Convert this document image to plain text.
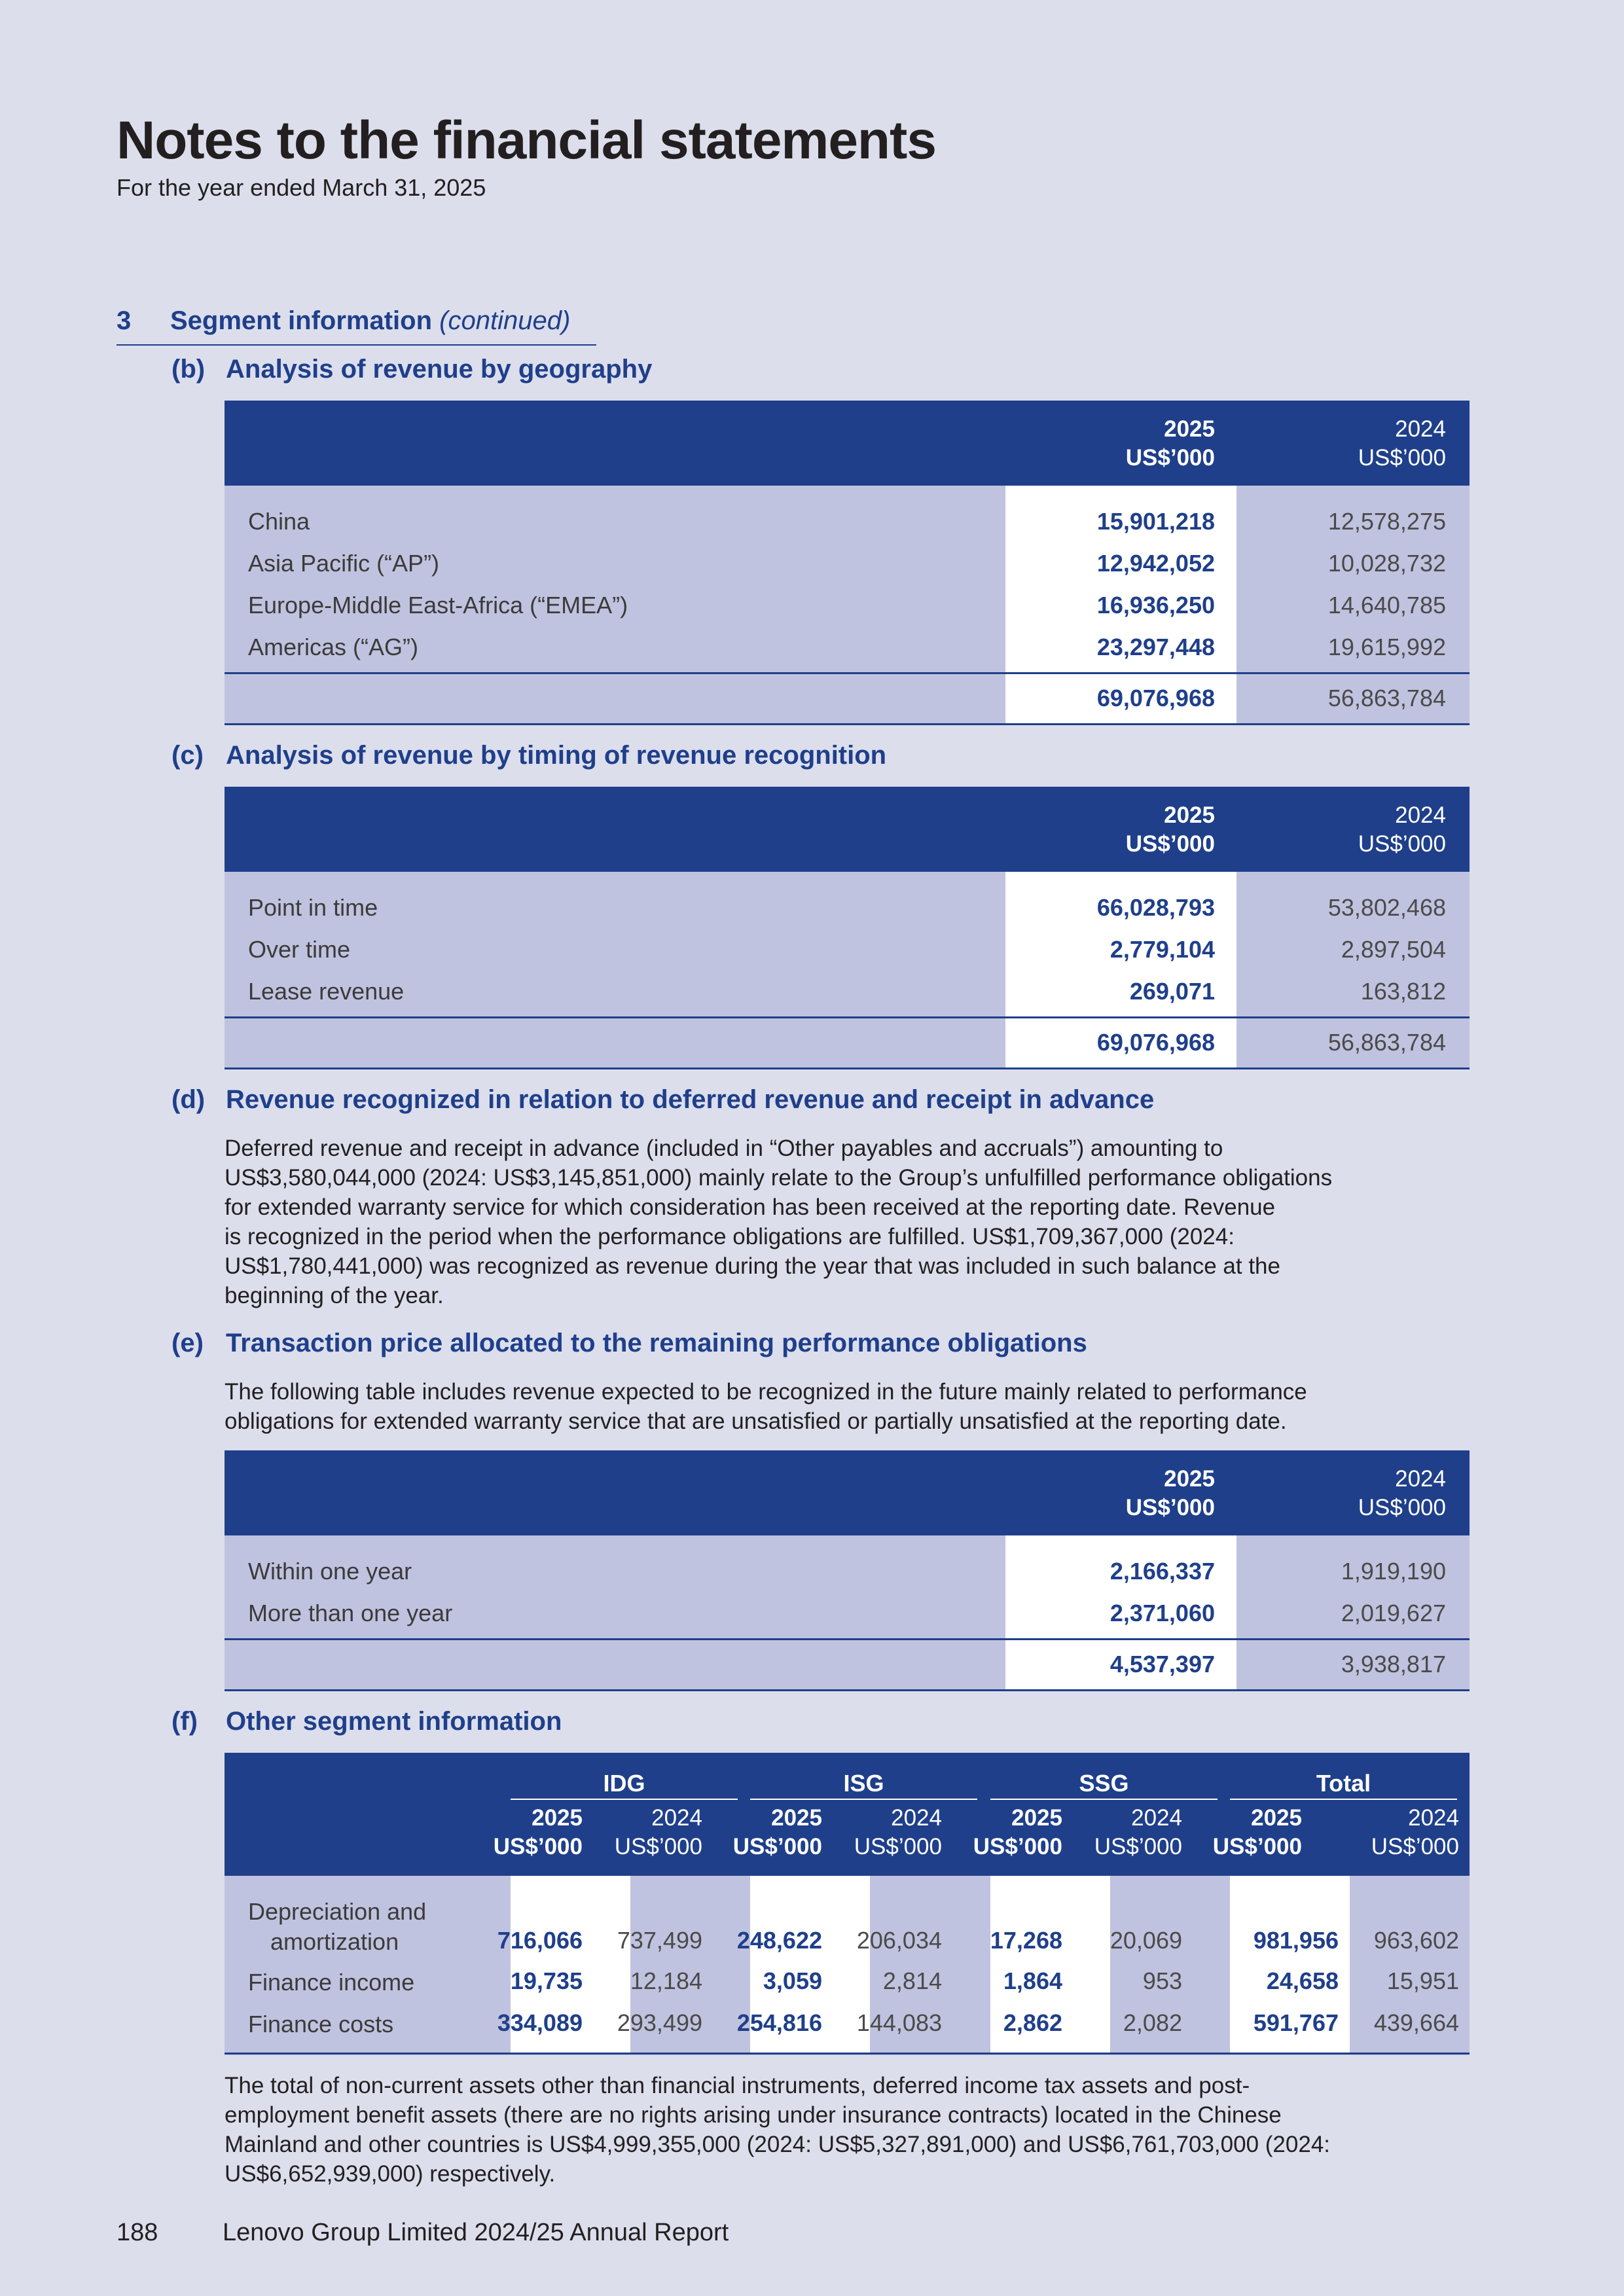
Notes to the financial statements
For the year ended March 31, 2025
3 Segment information (continued)
(b) Analysis of revenue by geography
2025
US$’000
2024
US$’000
China	15,901,218	12,578,275
Asia Pacific (“AP”)	12,942,052	10,028,732
Europe-Middle East-Africa (“EMEA”)	16,936,250	14,640,785
Americas (“AG”)	23,297,448	19,615,992
69,076,968	56,863,784
(c) Analysis of revenue by timing of revenue recognition
2025
US$’000
2024
US$’000
Point in time	66,028,793	53,802,468
Over time	2,779,104	2,897,504
Lease revenue	269,071	163,812
69,076,968	56,863,784
(d) Revenue recognized in relation to deferred revenue and receipt in advance
Deferred revenue and receipt in advance (included in “Other payables and accruals”) amounting to
US$3,580,044,000 (2024: US$3,145,851,000) mainly relate to the Group’s unfulfilled performance obligations
for extended warranty service for which consideration has been received at the reporting date. Revenue
is recognized in the period when the performance obligations are fulfilled. US$1,709,367,000 (2024:
US$1,780,441,000) was recognized as revenue during the year that was included in such balance at the
beginning of the year.
(e) Transaction price allocated to the remaining performance obligations
The following table includes revenue expected to be recognized in the future mainly related to performance
obligations for extended warranty service that are unsatisfied or partially unsatisfied at the reporting date.
2025
US$’000
2024
US$’000
Within one year	2,166,337	1,919,190
More than one year	2,371,060	2,019,627
4,537,397	3,938,817
(f) Other segment information
IDG	ISG	SSG	Total
2025
US$’000
2024
US$’000
2025
US$’000
2024
US$’000
2025
US$’000
2024
US$’000
2025
US$’000
2024
US$’000
Depreciation and
amortization	716,066 737,499 248,622 206,034 17,268 20,069	981,956 963,602
Finance income	19,735 12,184	3,059	2,814	1,864	953	24,658 15,951
Finance costs	334,089 293,499 254,816 144,083	2,862	2,082	591,767 439,664
The total of non-current assets other than financial instruments, deferred income tax assets and post-
employment benefit assets (there are no rights arising under insurance contracts) located in the Chinese
Mainland and other countries is US$4,999,355,000 (2024: US$5,327,891,000) and US$6,761,703,000 (2024:
US$6,652,939,000) respectively.
188	Lenovo Group Limited 2024/25 Annual Report
